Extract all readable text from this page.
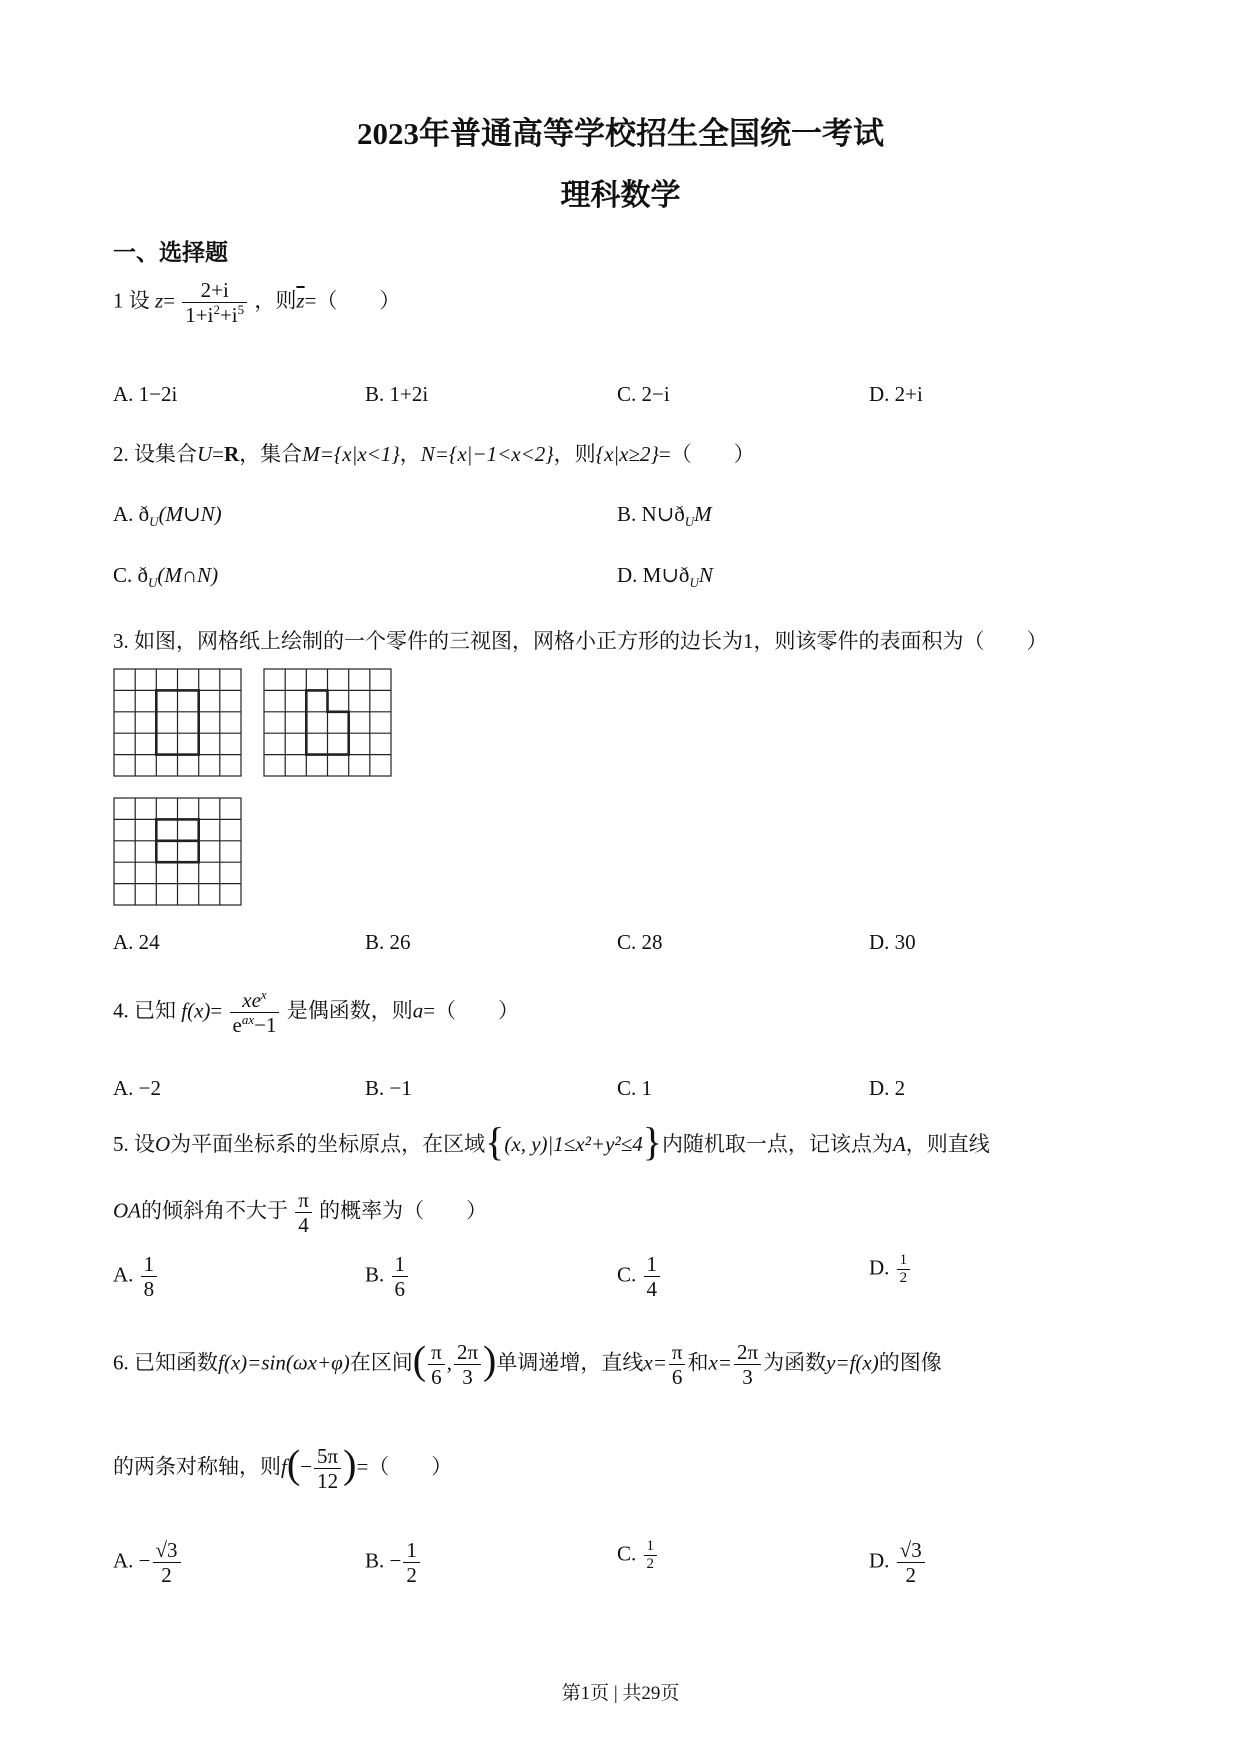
2023年普通高等学校招生全国统一考试
理科数学
一、选择题
1 设 $z= \frac{2+i}{1+i^2+i^5}$ ，则$\overline{z}=$（　　）
A. 1−2i	B. 1+2i	C. 2−i	D. 2+i
2. 设集合U=R，集合M={x|x<1}，N={x|−1<x<2}，则{x|x≥2}=（　　）
A. $ð_U(M\cup N)$	B. $N\cup ð_UM$
C. $ð_U(M\cap N)$	D. $M\cup ð_UN$
3. 如图，网格纸上绘制的一个零件的三视图，网格小正方形的边长为1，则该零件的表面积为（　　）
A. 24	B. 26	C. 28	D. 30
4. 已知 $f(x)= \frac{xe^x}{e^{ax}-1}$ 是偶函数，则a=（　　）
A. −2	B. −1	C. 1	D. 2
5. 设O为平面坐标系的坐标原点，在区域{(x, y)|1≤x²+y²≤4}内随机取一点，记该点为A，则直线
OA的倾斜角不大于 $\frac{\pi}{4}$ 的概率为（　　）
A. $\frac{1}{8}$	B. $\frac{1}{6}$	C. $\frac{1}{4}$	D. $\frac{1}{2}$
6. 已知函数f(x)=sin(ωx+φ)在区间( $\frac{\pi}{6}$ , $\frac{2\pi}{3}$ )单调递增，直线$x= \frac{\pi}{6}$ 和$x= \frac{2\pi}{3}$ 为函数y=f(x)的图像
的两条对称轴，则$f(- \frac{5\pi}{12}$ )=（　　）
A. − $\frac{√3}{2}$	B. − $\frac{1}{2}$	C. $\frac{1}{2}$	D. $\frac{√3}{2}$
第1页 | 共29页
